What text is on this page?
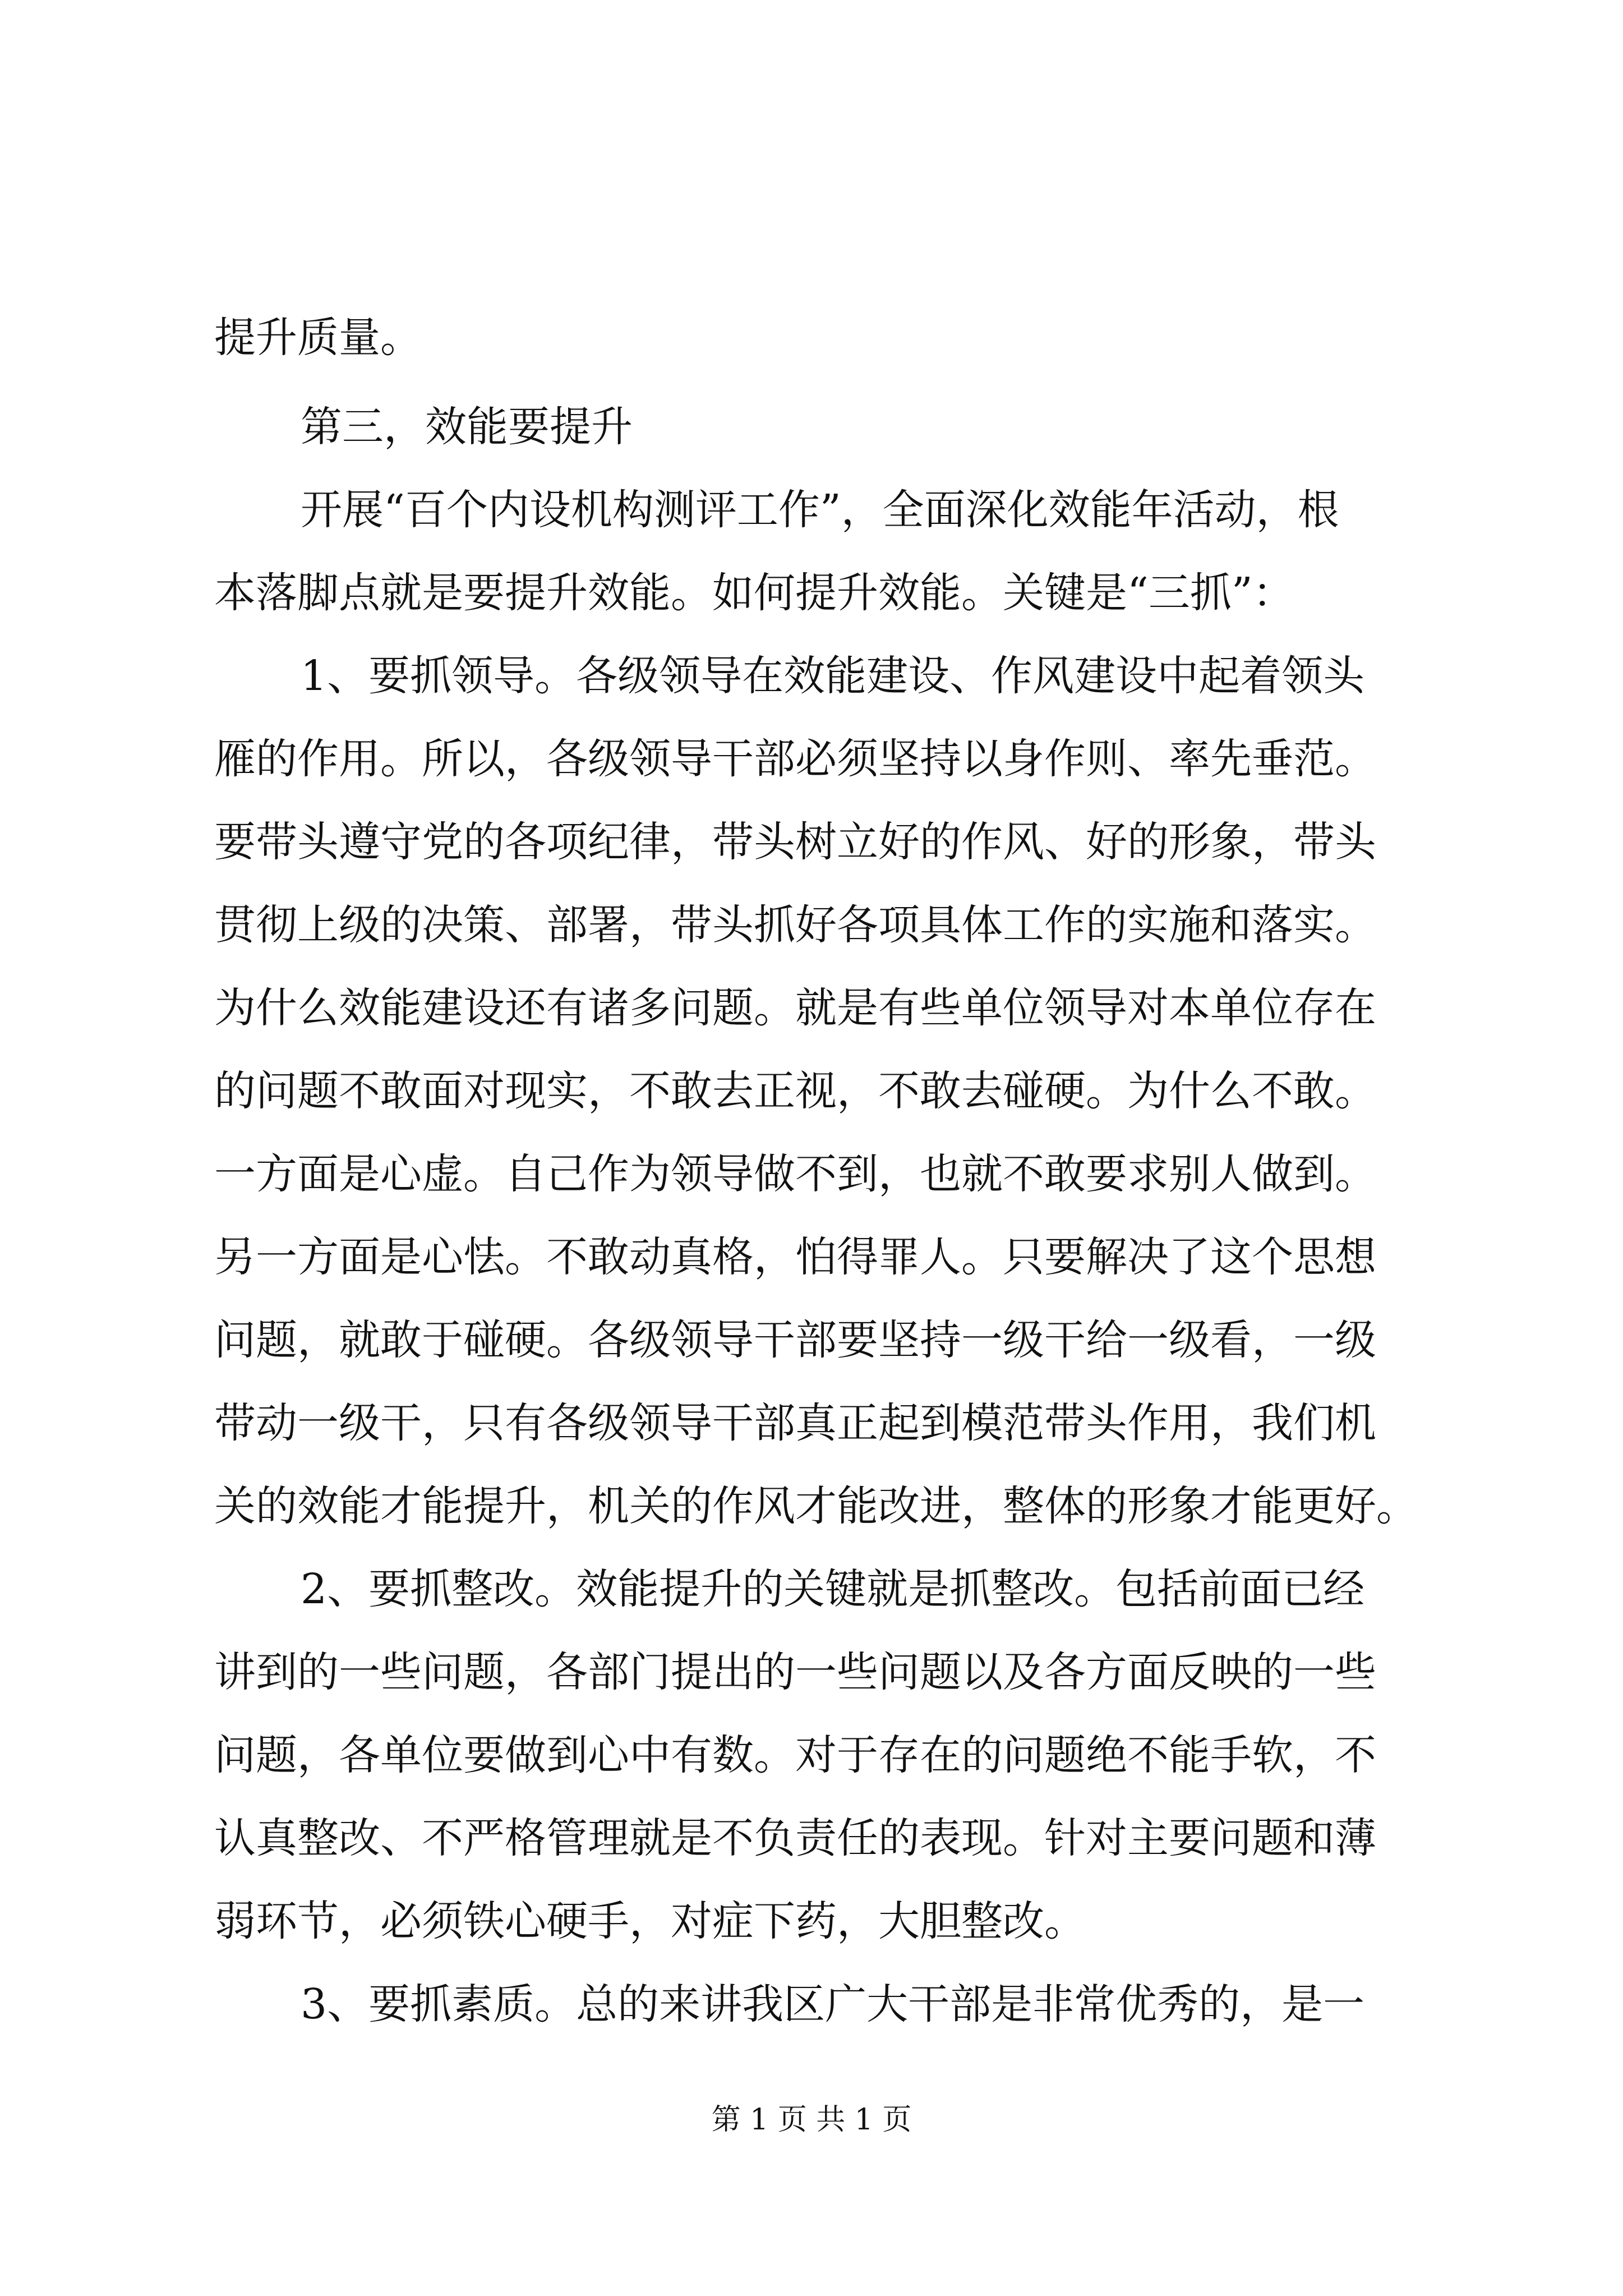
提升质量。
第三，效能要提升
开展“百个内设机构测评工作”，全面深化效能年活动，根
本落脚点就是要提升效能。如何提升效能。关键是“三抓”：
1、要抓领导。各级领导在效能建设、作风建设中起着领头
雁的作用。所以，各级领导干部必须坚持以身作则、率先垂范。
要带头遵守党的各项纪律，带头树立好的作风、好的形象，带头
贯彻上级的决策、部署，带头抓好各项具体工作的实施和落实。
为什么效能建设还有诸多问题。就是有些单位领导对本单位存在
的问题不敢面对现实，不敢去正视，不敢去碰硬。为什么不敢。
一方面是心虚。自己作为领导做不到，也就不敢要求别人做到。
另一方面是心怯。不敢动真格，怕得罪人。只要解决了这个思想
问题，就敢于碰硬。各级领导干部要坚持一级干给一级看，一级
带动一级干，只有各级领导干部真正起到模范带头作用，我们机
关的效能才能提升，机关的作风才能改进，整体的形象才能更好。
2、要抓整改。效能提升的关键就是抓整改。包括前面已经
讲到的一些问题，各部门提出的一些问题以及各方面反映的一些
问题，各单位要做到心中有数。对于存在的问题绝不能手软，不
认真整改、不严格管理就是不负责任的表现。针对主要问题和薄
弱环节，必须铁心硬手，对症下药，大胆整改。
3、要抓素质。总的来讲我区广大干部是非常优秀的，是一
第 1 页 共 1 页
